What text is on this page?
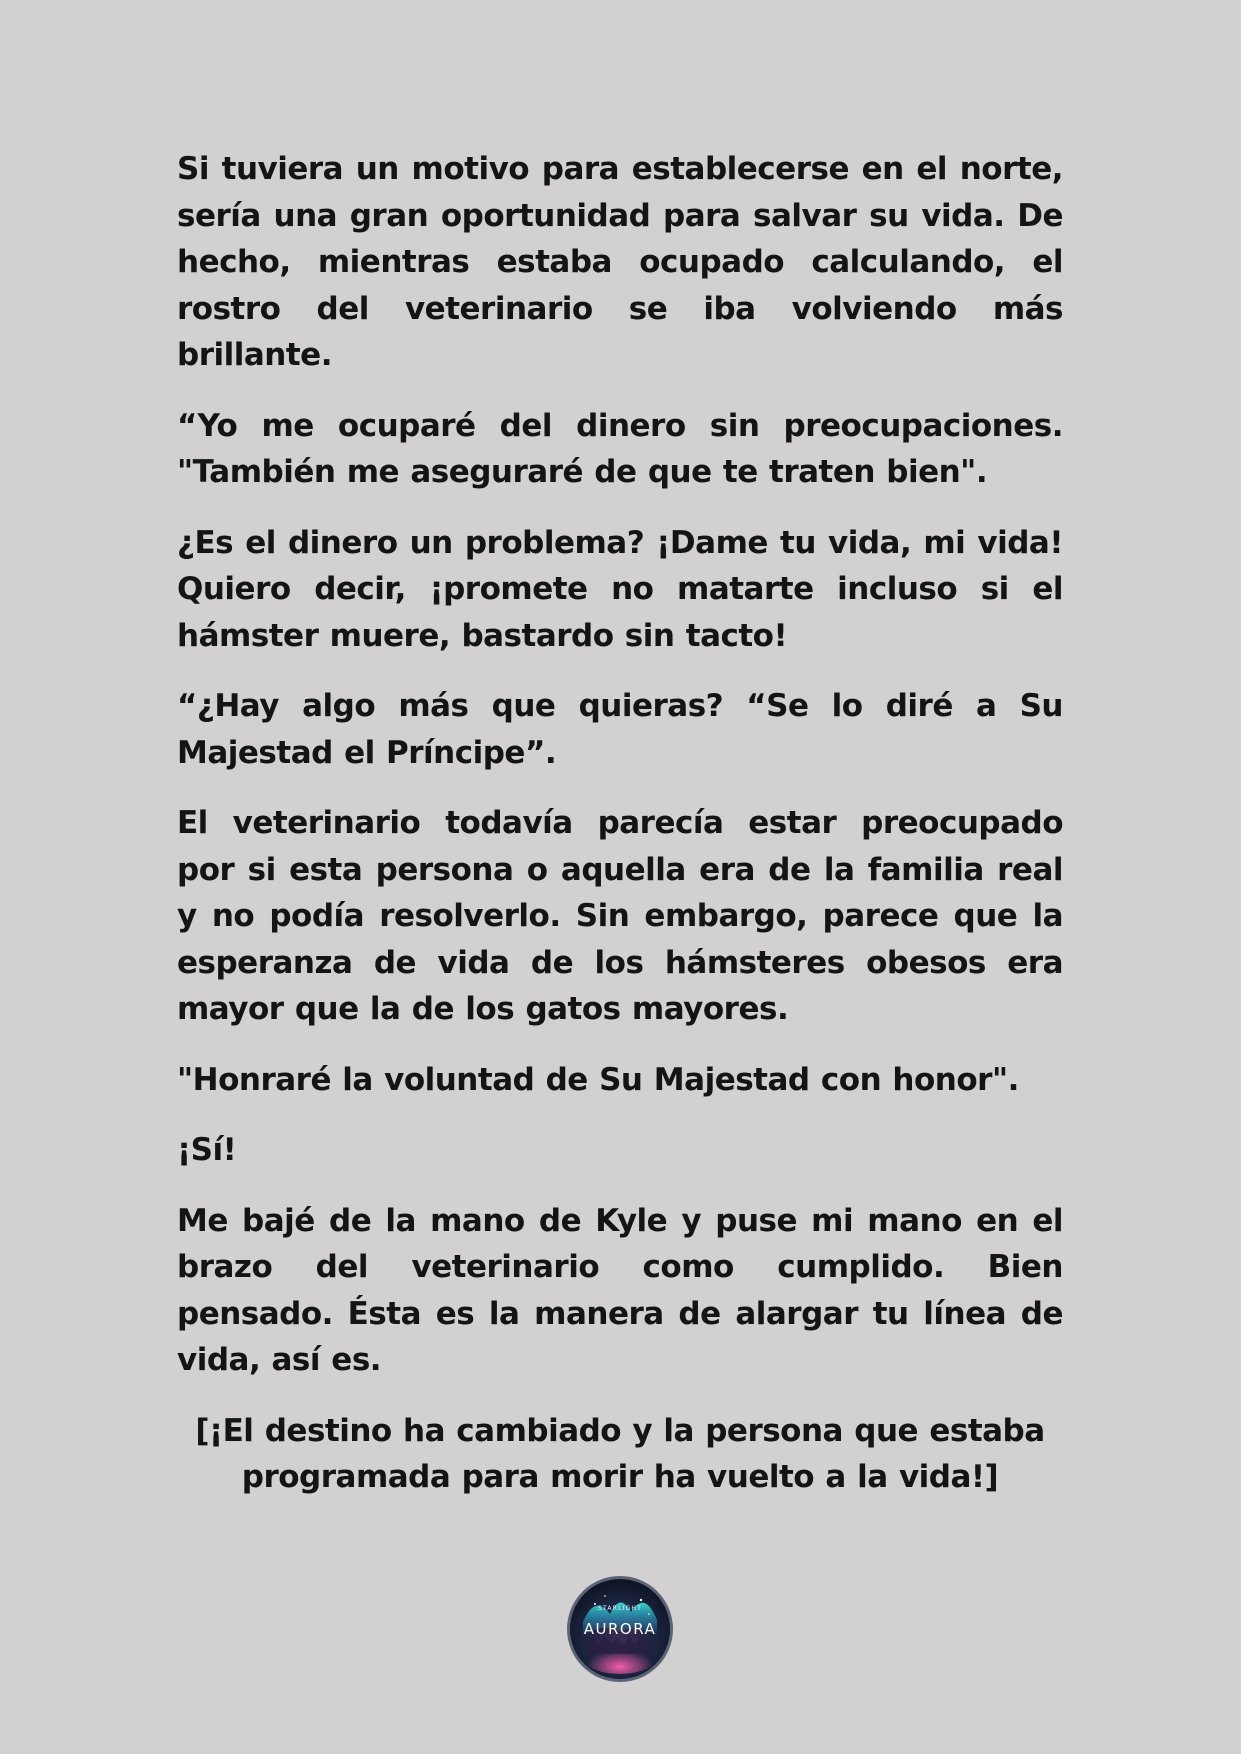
Si tuviera un motivo para establecerse en el norte, sería una gran oportunidad para salvar su vida. De hecho, mientras estaba ocupado calculando, el rostro del veterinario se iba volviendo más brillante.

“Yo me ocuparé del dinero sin preocupaciones. "También me aseguraré de que te traten bien".

¿Es el dinero un problema? ¡Dame tu vida, mi vida! Quiero decir, ¡promete no matarte incluso si el hámster muere, bastardo sin tacto!

“¿Hay algo más que quieras? “Se lo diré a Su Majestad el Príncipe”.

El veterinario todavía parecía estar preocupado por si esta persona o aquella era de la familia real y no podía resolverlo. Sin embargo, parece que la esperanza de vida de los hámsteres obesos era mayor que la de los gatos mayores.

"Honraré la voluntad de Su Majestad con honor".

¡Sí!

Me bajé de la mano de Kyle y puse mi mano en el brazo del veterinario como cumplido. Bien pensado. Ésta es la manera de alargar tu línea de vida, así es.

[¡El destino ha cambiado y la persona que estaba programada para morir ha vuelto a la vida!]

STARLIGHT
AURORA
